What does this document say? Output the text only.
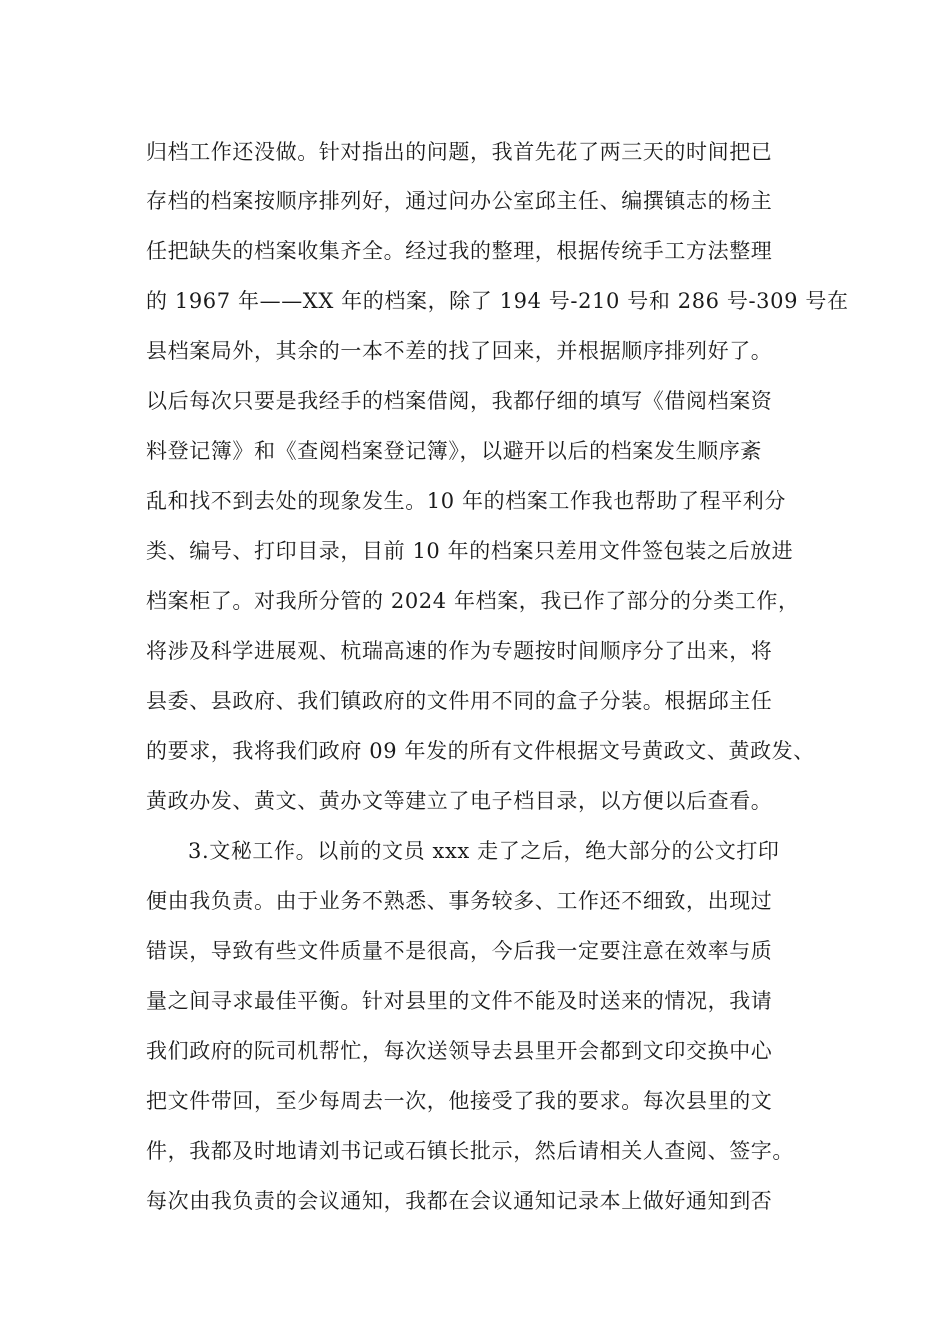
归档工作还没做。针对指出的问题，我首先花了两三天的时间把已
存档的档案按顺序排列好，通过问办公室邱主任、编撰镇志的杨主
任把缺失的档案收集齐全。经过我的整理，根据传统手工方法整理
的 1967 年——XX 年的档案，除了 194 号-210 号和 286 号-309 号在
县档案局外，其余的一本不差的找了回来，并根据顺序排列好了。
以后每次只要是我经手的档案借阅，我都仔细的填写《借阅档案资
料登记簿》和《查阅档案登记簿》，以避开以后的档案发生顺序紊
乱和找不到去处的现象发生。10 年的档案工作我也帮助了程平利分
类、编号、打印目录，目前 10 年的档案只差用文件签包装之后放进
档案柜了。对我所分管的 2024 年档案，我已作了部分的分类工作，
将涉及科学进展观、杭瑞高速的作为专题按时间顺序分了出来，将
县委、县政府、我们镇政府的文件用不同的盒子分装。根据邱主任
的要求，我将我们政府 09 年发的所有文件根据文号黄政文、黄政发、
黄政办发、黄文、黄办文等建立了电子档目录，以方便以后查看。
3.文秘工作。以前的文员 xxx 走了之后，绝大部分的公文打印
便由我负责。由于业务不熟悉、事务较多、工作还不细致，出现过
错误，导致有些文件质量不是很高，今后我一定要注意在效率与质
量之间寻求最佳平衡。针对县里的文件不能及时送来的情况，我请
我们政府的阮司机帮忙，每次送领导去县里开会都到文印交换中心
把文件带回，至少每周去一次，他接受了我的要求。每次县里的文
件，我都及时地请刘书记或石镇长批示，然后请相关人查阅、签字。
每次由我负责的会议通知，我都在会议通知记录本上做好通知到否
